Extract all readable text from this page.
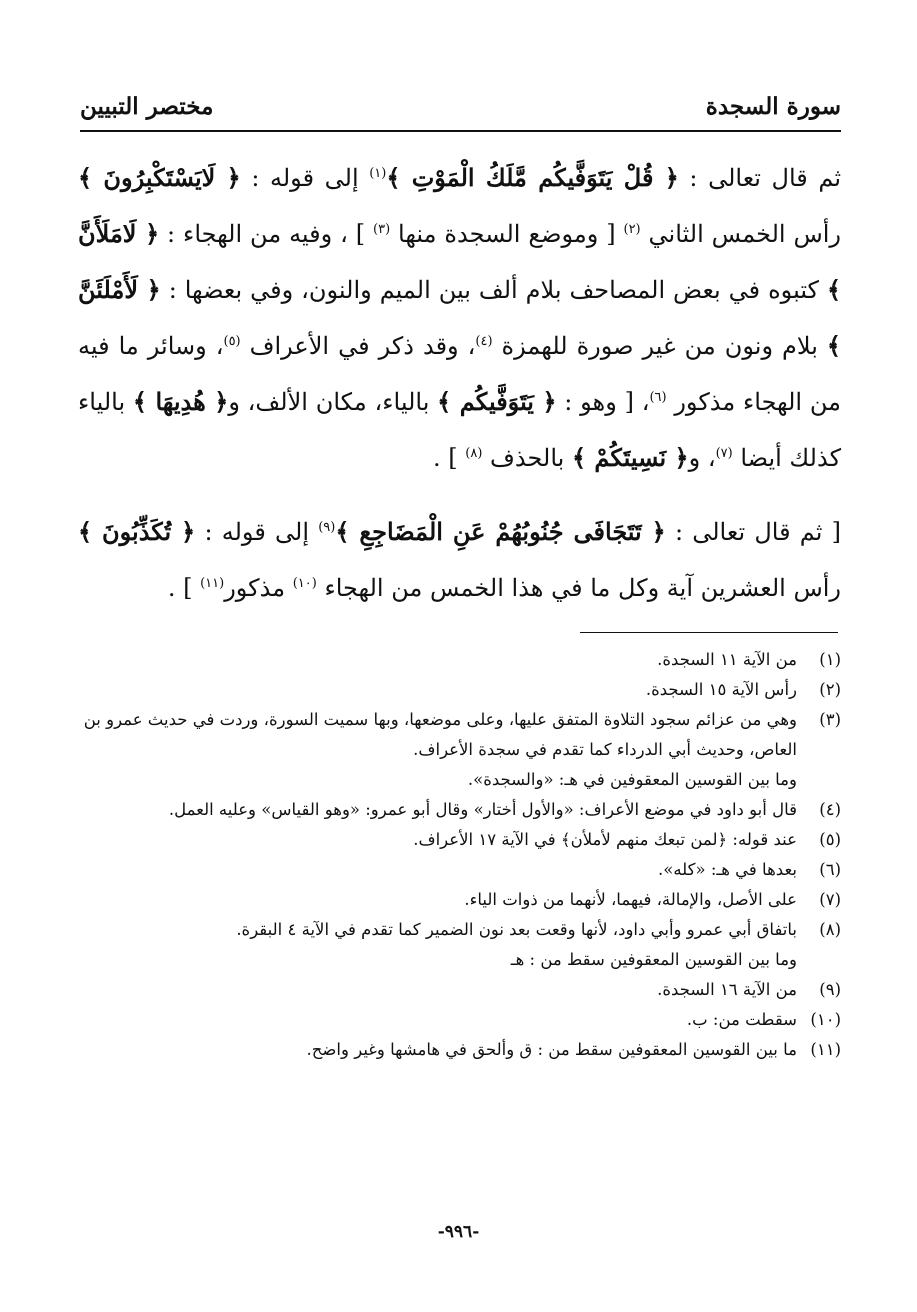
سورة السجدة
مختصر التبيين

ثم قال تعالى : ﴿ قُلْ يَتَوَفَّيكُم مَّلَكُ الْمَوْتِ ﴾$^{(١)}$ إلى قوله : ﴿ لَايَسْتَكْبِرُونَ ﴾ رأس الخمس الثاني $^{(٢)}$ [ وموضع السجدة منها $^{(٣)}$ ] ، وفيه من الهجاء : ﴿ لَامَلَأَنَّ ﴾ كتبوه في بعض المصاحف بلام ألف بين الميم والنون، وفي بعضها : ﴿ لَأَمْلَئَنَّ ﴾ بلام ونون من غير صورة للهمزة $^{(٤)}$، وقد ذكر في الأعراف $^{(٥)}$، وسائر ما فيه من الهجاء مذكور $^{(٦)}$، [ وهو : ﴿ يَتَوَفَّيكُم ﴾ بالياء، مكان الألف، و﴿ هُدِيهَا ﴾ بالياء كذلك أيضا $^{(٧)}$، و﴿ نَسِيتَكُمْ ﴾ بالحذف $^{(٨)}$ ] .

[ ثم قال تعالى : ﴿ تَتَجَافَى جُنُوبُهُمْ عَنِ الْمَضَاجِعِ ﴾$^{(٩)}$ إلى قوله : ﴿ تُكَذِّبُونَ ﴾ رأس العشرين آية وكل ما في هذا الخمس من الهجاء $^{(١٠)}$ مذكور$^{(١١)}$ ] .

(١)
من الآية ١١ السجدة.
(٢)
رأس الآية ١٥ السجدة.
(٣)
وهي من عزائم سجود التلاوة المتفق عليها، وعلى موضعها، وبها سميت السورة، وردت في حديث عمرو بن العاص، وحديث أبي الدرداء كما تقدم في سجدة الأعراف.

وما بين القوسين المعقوفين في هـ: «والسجدة».

(٤)
قال أبو داود في موضع الأعراف: «والأول أختار» وقال أبو عمرو: «وهو القياس» وعليه العمل.
(٥)
عند قوله: ﴿لمن تبعك منهم لأملأن﴾ في الآية ١٧ الأعراف.
(٦)
بعدها في هـ: «كله».
(٧)
على الأصل، والإمالة، فيهما، لأنهما من ذوات الياء.
(٨)
باتفاق أبي عمرو وأبي داود، لأنها وقعت بعد نون الضمير كما تقدم في الآية ٤ البقرة.

وما بين القوسين المعقوفين سقط من : هـ

(٩)
من الآية ١٦ السجدة.
(١٠)
سقطت من: ب.
(١١)
ما بين القوسين المعقوفين سقط من : ق وألحق في هامشها وغير واضح.
-٩٩٦-
